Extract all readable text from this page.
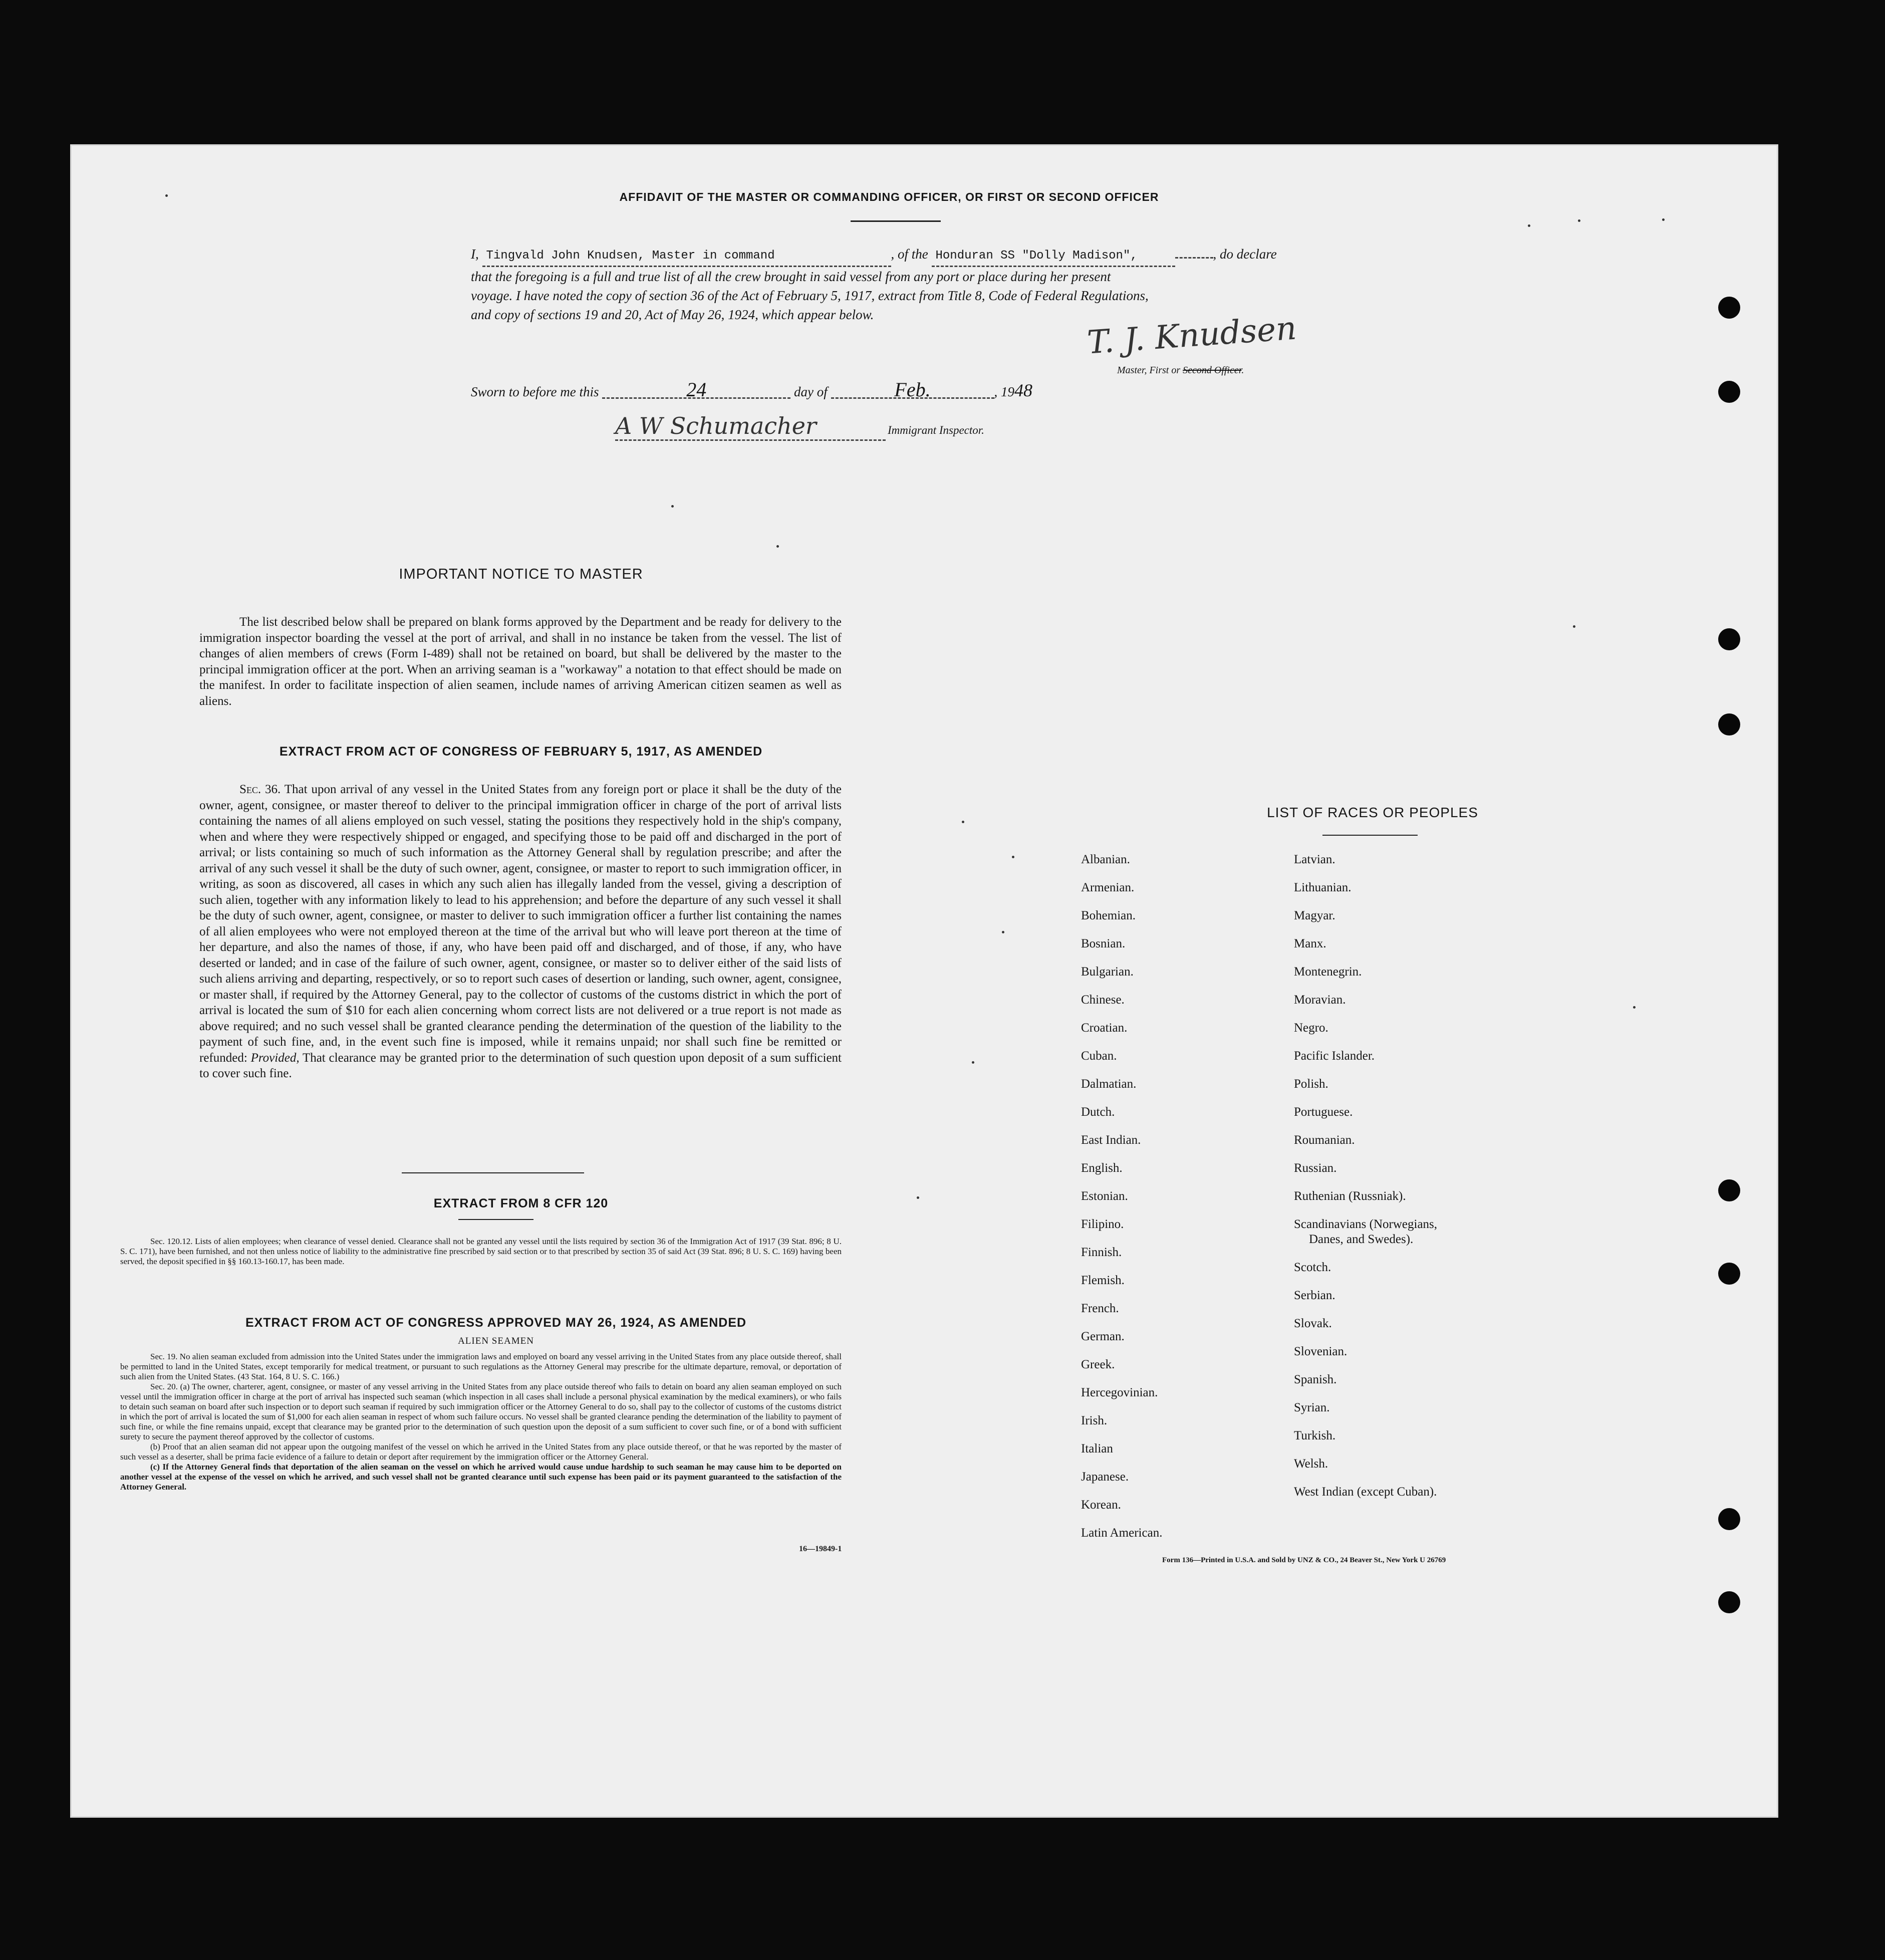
AFFIDAVIT OF THE MASTER OR COMMANDING OFFICER, OR FIRST OR SECOND OFFICER
I, Tingvald John Knudsen, Master in command	, of the Honduran SS "Dolly Madison",	, do declare
that the foregoing is a full and true list of all the crew brought in said vessel from any port or place during her present
voyage. I have noted the copy of section 36 of the Act of February 5, 1917, extract from Title 8, Code of Federal Regulations,
and copy of sections 19 and 20, Act of May 26, 1924, which appear below.	T. J. Knudsen
Master, First or Second Officer.
Sworn to before me this	24	day of	Feb.	, 1948
A W Schumacher	Immigrant Inspector.
IMPORTANT NOTICE TO MASTER
The list described below shall be prepared on blank forms approved by the Department and be ready for delivery to the immigration inspector boarding the vessel at the port of arrival, and shall in no instance be taken from the vessel. The list of changes of alien members of crews (Form I-489) shall not be retained on board, but shall be delivered by the master to the principal immigration officer at the port. When an arriving seaman is a "workaway" a notation to that effect should be made on the manifest. In order to facilitate inspection of alien seamen, include names of arriving American citizen seamen as well as aliens.
EXTRACT FROM ACT OF CONGRESS OF FEBRUARY 5, 1917, AS AMENDED
Sec. 36. That upon arrival of any vessel in the United States from any foreign port or place it shall be the duty of the owner, agent, consignee, or master thereof to deliver to the principal immigration officer in charge of the port of arrival lists containing the names of all aliens employed on such vessel, stating the positions they respectively hold in the ship's company, when and where they were respectively shipped or engaged, and specifying those to be paid off and discharged in the port of arrival; or lists containing so much of such information as the Attorney General shall by regulation prescribe; and after the arrival of any such vessel it shall be the duty of such owner, agent, consignee, or master to report to such immigration officer, in writing, as soon as discovered, all cases in which any such alien has illegally landed from the vessel, giving a description of such alien, together with any information likely to lead to his apprehension; and before the departure of any such vessel it shall be the duty of such owner, agent, consignee, or master to deliver to such immigration officer a further list containing the names of all alien employees who were not employed thereon at the time of the arrival but who will leave port thereon at the time of her departure, and also the names of those, if any, who have been paid off and discharged, and of those, if any, who have deserted or landed; and in case of the failure of such owner, agent, consignee, or master so to deliver either of the said lists of such aliens arriving and departing, respectively, or so to report such cases of desertion or landing, such owner, agent, consignee, or master shall, if required by the Attorney General, pay to the collector of customs of the customs district in which the port of arrival is located the sum of $10 for each alien concerning whom correct lists are not delivered or a true report is not made as above required; and no such vessel shall be granted clearance pending the determination of the question of the liability to the payment of such fine, and, in the event such fine is imposed, while it remains unpaid; nor shall such fine be remitted or refunded: Provided, That clearance may be granted prior to the determination of such question upon deposit of a sum sufficient to cover such fine.
EXTRACT FROM 8 CFR 120
Sec. 120.12. Lists of alien employees; when clearance of vessel denied. Clearance shall not be granted any vessel until the lists required by section 36 of the Immigration Act of 1917 (39 Stat. 896; 8 U. S. C. 171), have been furnished, and not then unless notice of liability to the administrative fine prescribed by said section or to that prescribed by section 35 of said Act (39 Stat. 896; 8 U. S. C. 169) having been served, the deposit specified in §§ 160.13-160.17, has been made.
EXTRACT FROM ACT OF CONGRESS APPROVED MAY 26, 1924, AS AMENDED
ALIEN SEAMEN
Sec. 19. No alien seaman excluded from admission into the United States under the immigration laws and employed on board any vessel arriving in the United States from any place outside thereof, shall be permitted to land in the United States, except temporarily for medical treatment, or pursuant to such regulations as the Attorney General may prescribe for the ultimate departure, removal, or deportation of such alien from the United States. (43 Stat. 164, 8 U. S. C. 166.)
Sec. 20. (a) The owner, charterer, agent, consignee, or master of any vessel arriving in the United States from any place outside thereof who fails to detain on board any alien seaman employed on such vessel until the immigration officer in charge at the port of arrival has inspected such seaman (which inspection in all cases shall include a personal physical examination by the medical examiners), or who fails to detain such seaman on board after such inspection or to deport such seaman if required by such immigration officer or the Attorney General to do so, shall pay to the collector of customs of the customs district in which the port of arrival is located the sum of $1,000 for each alien seaman in respect of whom such failure occurs. No vessel shall be granted clearance pending the determination of the liability to payment of such fine, or while the fine remains unpaid, except that clearance may be granted prior to the determination of such question upon the deposit of a sum sufficient to cover such fine, or of a bond with sufficient surety to secure the payment thereof approved by the collector of customs.
(b) Proof that an alien seaman did not appear upon the outgoing manifest of the vessel on which he arrived in the United States from any place outside thereof, or that he was reported by the master of such vessel as a deserter, shall be prima facie evidence of a failure to detain or deport after requirement by the immigration officer or the Attorney General.
(c) If the Attorney General finds that deportation of the alien seaman on the vessel on which he arrived would cause undue hardship to such seaman he may cause him to be deported on another vessel at the expense of the vessel on which he arrived, and such vessel shall not be granted clearance until such expense has been paid or its payment guaranteed to the satisfaction of the Attorney General.
16—19849-1
LIST OF RACES OR PEOPLES
Albanian.
Armenian.
Bohemian.
Bosnian.
Bulgarian.
Chinese.
Croatian.
Cuban.
Dalmatian.
Dutch.
East Indian.
English.
Estonian.
Filipino.
Finnish.
Flemish.
French.
German.
Greek.
Hercegovinian.
Irish.
Italian
Japanese.
Korean.
Latin American.
Latvian.
Lithuanian.
Magyar.
Manx.
Montenegrin.
Moravian.
Negro.
Pacific Islander.
Polish.
Portuguese.
Roumanian.
Russian.
Ruthenian (Russniak).
Scandinavians (Norwegians,
Danes, and Swedes).
Scotch.
Serbian.
Slovak.
Slovenian.
Spanish.
Syrian.
Turkish.
Welsh.
West Indian (except Cuban).
Form 136—Printed in U.S.A. and Sold by UNZ & CO., 24 Beaver St., New York U 26769
